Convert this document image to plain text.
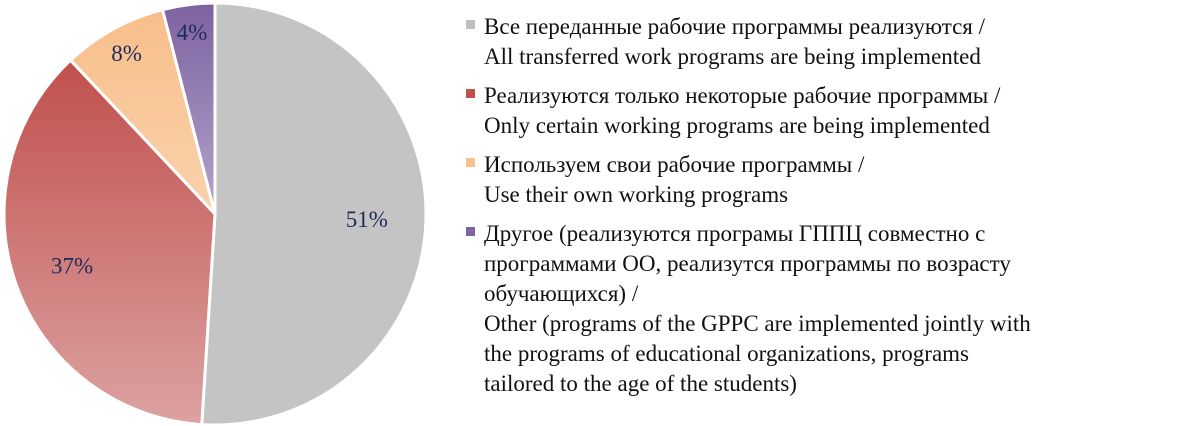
51%
37%
8%
4%	Все переданные рабочие программы реализуются /
All transferred work programs are being implemented
Реализуются только некоторые рабочие программы /
Only certain working programs are being implemented
Используем свои рабочие программы /
Use their own working programs
Другое (реализуются програмы ГППЦ совместно с
программами ОО, реализутся программы по возрасту
обучающихся) /
Other (programs of the GPPC are implemented jointly with
the programs of educational organizations, programs
tailored to the age of the students)
